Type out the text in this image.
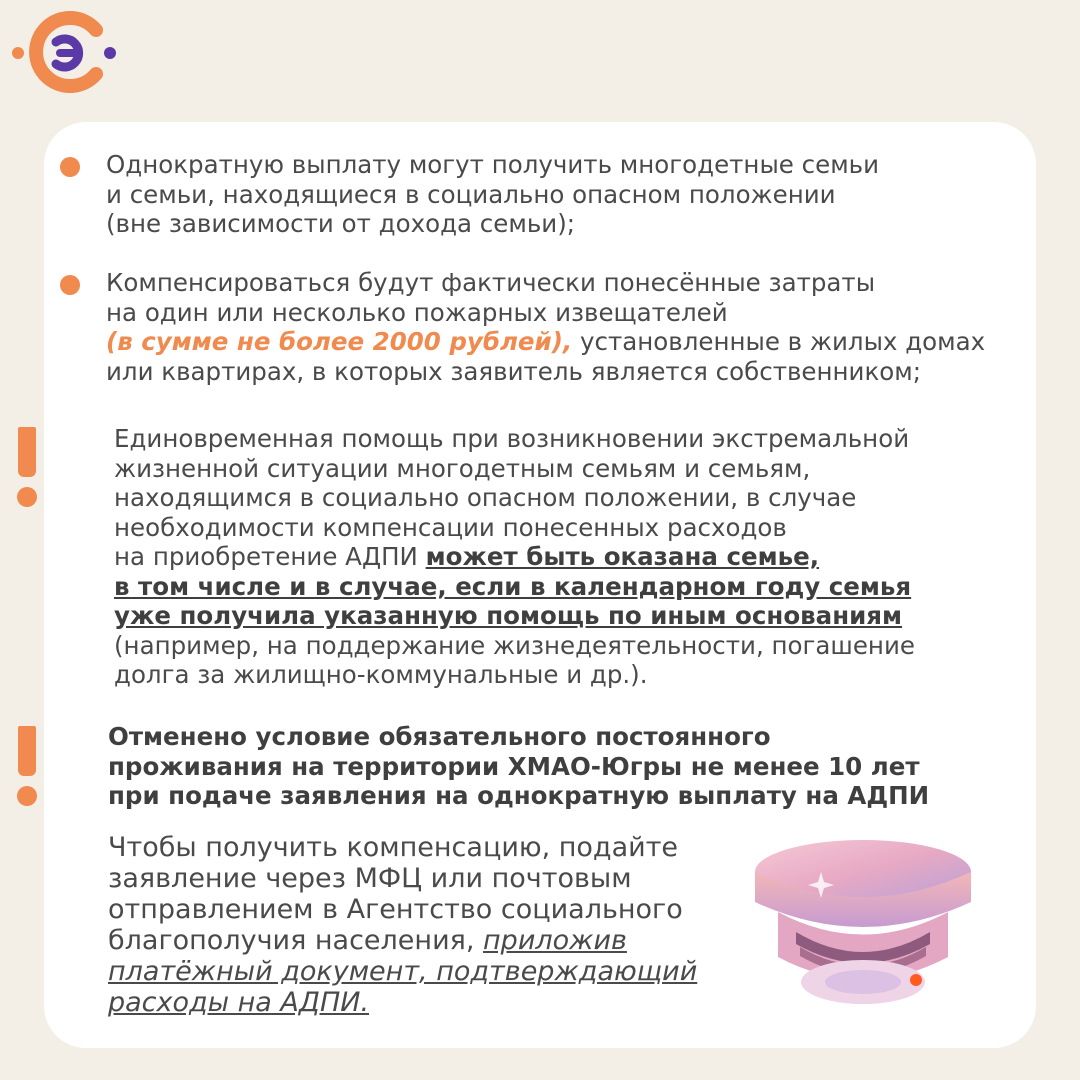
Однократную выплату могут получить многодетные семьи
и семьи, находящиеся в социально опасном положении
(вне зависимости от дохода семьи);

Компенсироваться будут фактически понесённые затраты
на один или несколько пожарных извещателей
(в сумме не более 2000 рублей), установленные в жилых домах
или квартирах, в которых заявитель является собственником;

Единовременная помощь при возникновении экстремальной
жизненной ситуации многодетным семьям и семьям,
находящимся в социально опасном положении, в случае
необходимости компенсации понесенных расходов
на приобретение АДПИ может быть оказана семье,
в том числе и в случае, если в календарном году семья
уже получила указанную помощь по иным основаниям
(например, на поддержание жизнедеятельности, погашение
долга за жилищно-коммунальные и др.).

Отменено условие обязательного постоянного
проживания на территории ХМАО-Югры не менее 10 лет
при подаче заявления на однократную выплату на АДПИ

Чтобы получить компенсацию, подайте
заявление через МФЦ или почтовым
отправлением в Агентство социального
благополучия населения, приложив
платёжный документ, подтверждающий
расходы на АДПИ.
